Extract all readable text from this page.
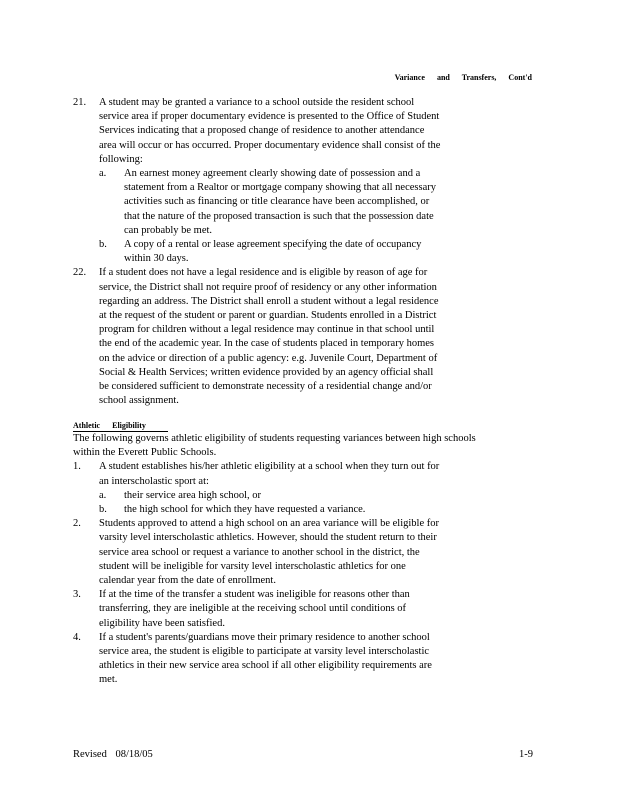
Variance and Transfers, Cont'd
21. A student may be granted a variance to a school outside the resident school
service area if proper documentary evidence is presented to the Office of Student
Services indicating that a proposed change of residence to another attendance
area will occur or has occurred. Proper documentary evidence shall consist of the
following:
a. An earnest money agreement clearly showing date of possession and a
statement from a Realtor or mortgage company showing that all necessary
activities such as financing or title clearance have been accomplished, or
that the nature of the proposed transaction is such that the possession date
can probably be met.
b. A copy of a rental or lease agreement specifying the date of occupancy
within 30 days.
22. If a student does not have a legal residence and is eligible by reason of age for
service, the District shall not require proof of residency or any other information
regarding an address. The District shall enroll a student without a legal residence
at the request of the student or parent or guardian. Students enrolled in a District
program for children without a legal residence may continue in that school until
the end of the academic year. In the case of students placed in temporary homes
on the advice or direction of a public agency: e.g. Juvenile Court, Department of
Social & Health Services; written evidence provided by an agency official shall
be considered sufficient to demonstrate necessity of a residential change and/or
school assignment.
The following governs athletic eligibility of students requesting variances between high schools
within the Everett Public Schools.
1. A student establishes his/her athletic eligibility at a school when they turn out for
an interscholastic sport at:
a. their service area high school, or
b. the high school for which they have requested a variance.
2. Students approved to attend a high school on an area variance will be eligible for
varsity level interscholastic athletics. However, should the student return to their
service area school or request a variance to another school in the district, the
student will be ineligible for varsity level interscholastic athletics for one
calendar year from the date of enrollment.
3. If at the time of the transfer a student was ineligible for reasons other than
transferring, they are ineligible at the receiving school until conditions of
eligibility have been satisfied.
4. If a student's parents/guardians move their primary residence to another school
service area, the student is eligible to participate at varsity level interscholastic
athletics in their new service area school if all other eligibility requirements are
met.
Athletic Eligibility
Revised 08/18/05	1-9
